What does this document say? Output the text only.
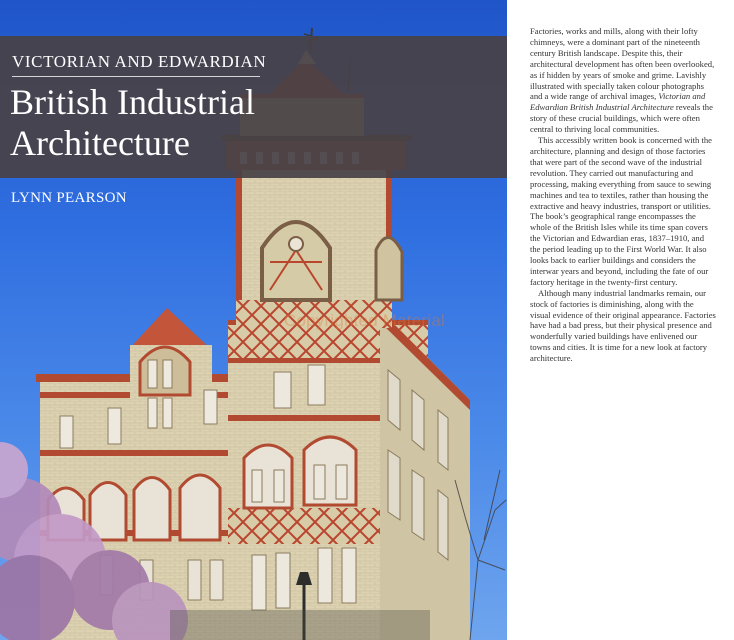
VICTORIAN AND EDWARDIAN
British Industrial
Architecture
LYNN PEARSON
Copyrighted Material

Factories, works and mills, along with their lofty chimneys, were a dominant part of the nineteenth century British landscape. Despite this, their architectural development has often been overlooked, as if hidden by years of smoke and grime. Lavishly illustrated with specially taken colour photographs and a wide range of archival images, Victorian and Edwardian British Industrial Architecture reveals the story of these crucial buildings, which were often central to thriving local communities.

This accessibly written book is concerned with the architecture, planning and design of those factories that were part of the second wave of the industrial revolution. They carried out manufacturing and processing, making everything from sauce to sewing machines and tea to textiles, rather than housing the extractive and heavy industries, transport or utilities. The book’s geographical range encompasses the whole of the British Isles while its time span covers the Victorian and Edwardian eras, 1837–1910, and the period leading up to the First World War. It also looks back to earlier buildings and considers the interwar years and beyond, including the fate of our factory heritage in the twenty-first century.

Although many industrial landmarks remain, our stock of factories is diminishing, along with the visual evidence of their original appearance. Factories have had a bad press, but their physical presence and wonderfully varied buildings have enlivened our towns and cities. It is time for a new look at factory architecture.
